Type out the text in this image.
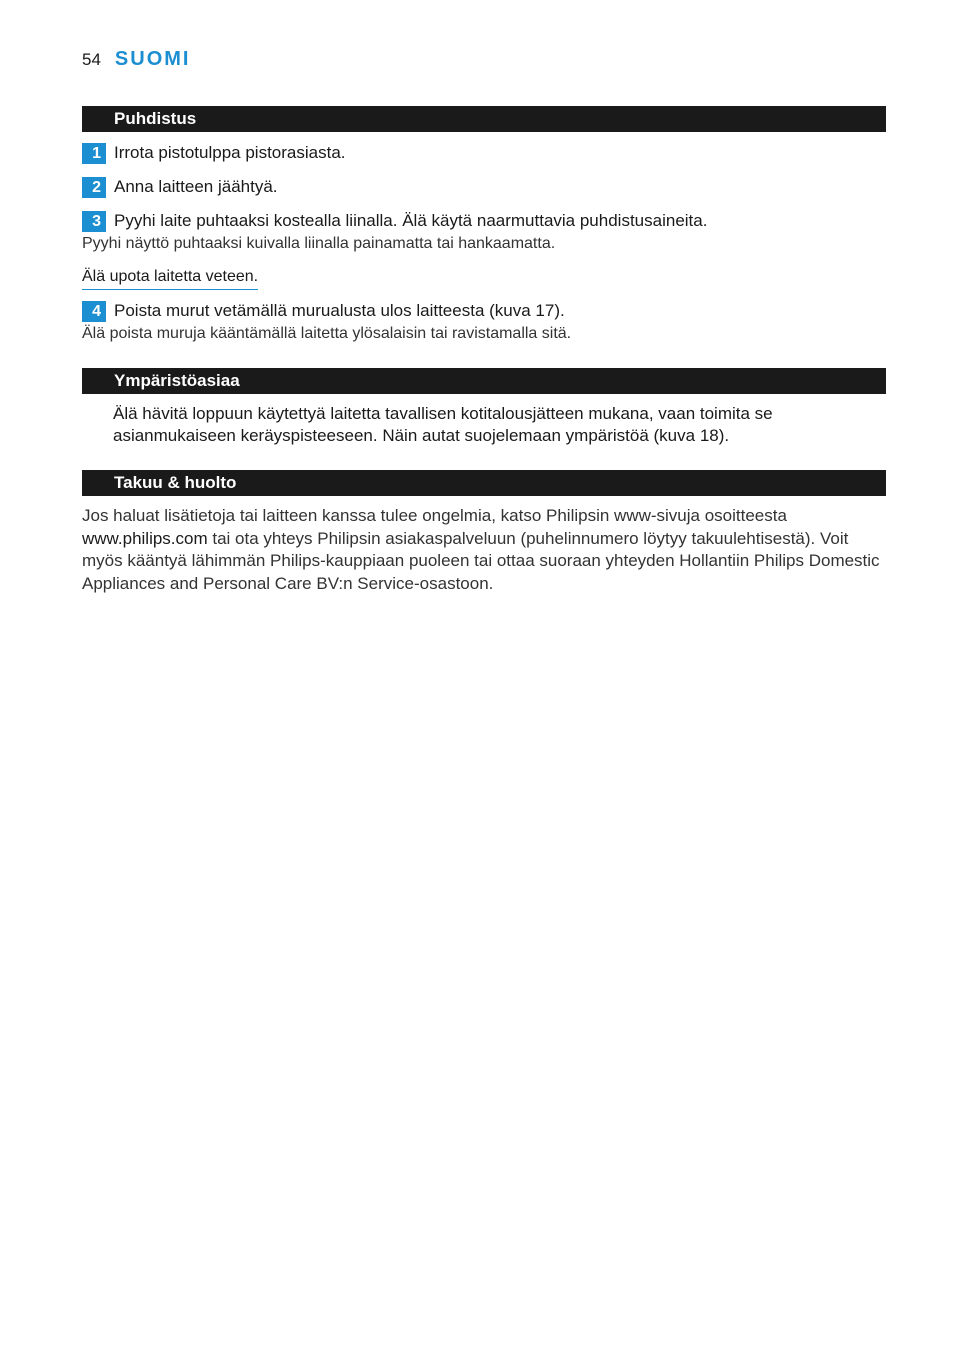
54 SUOMI
Puhdistus
1 Irrota pistotulppa pistorasiasta.
2 Anna laitteen jäähtyä.
3 Pyyhi laite puhtaaksi kostealla liinalla. Älä käytä naarmuttavia puhdistusaineita.
Pyyhi näyttö puhtaaksi kuivalla liinalla painamatta tai hankaamatta.
Älä upota laitetta veteen.
4 Poista murut vetämällä murualusta ulos laitteesta (kuva 17).
Älä poista muruja kääntämällä laitetta ylösalaisin tai ravistamalla sitä.
Ympäristöasiaa
Älä hävitä loppuun käytettyä laitetta tavallisen kotitalousjätteen mukana, vaan toimita se asianmukaiseen keräyspisteeseen. Näin autat suojelemaan ympäristöä (kuva 18).
Takuu & huolto
Jos haluat lisätietoja tai laitteen kanssa tulee ongelmia, katso Philipsin www-sivuja osoitteesta www.philips.com tai ota yhteys Philipsin asiakaspalveluun (puhelinnumero löytyy takuulehtisestä). Voit myös kääntyä lähimmän Philips-kauppiaan puoleen tai ottaa suoraan yhteyden Hollantiin Philips Domestic Appliances and Personal Care BV:n Service-osastoon.
